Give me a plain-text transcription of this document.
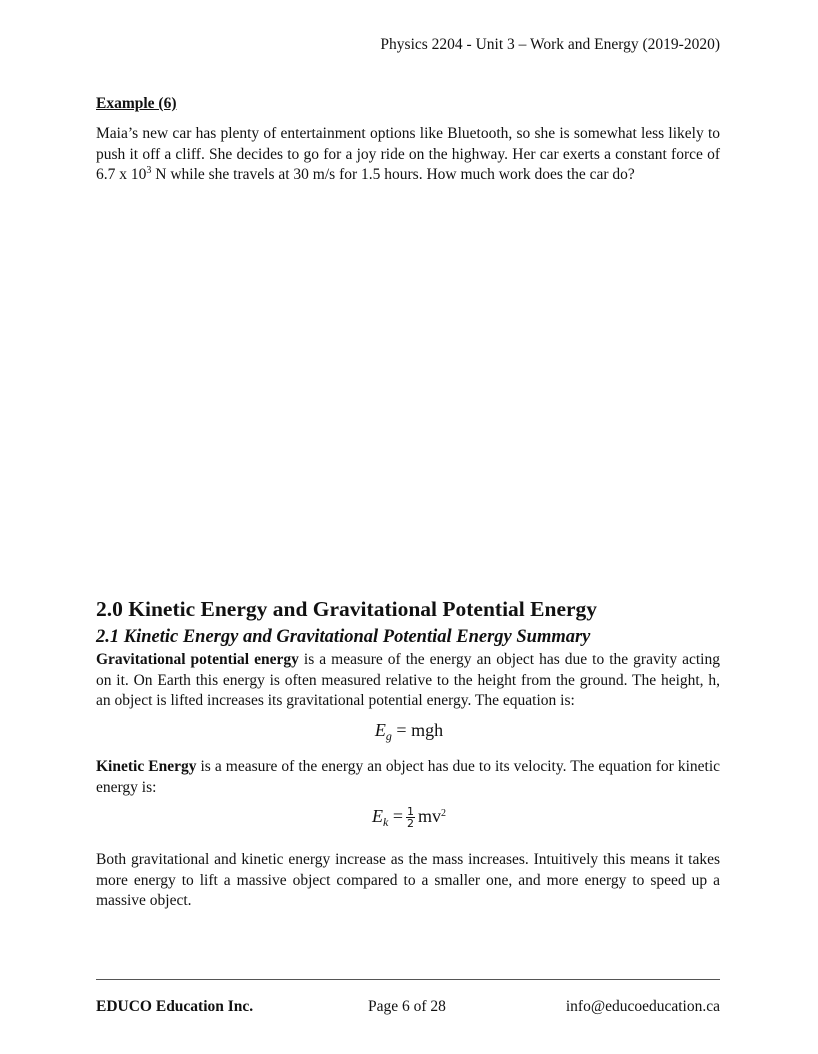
Physics 2204 - Unit 3 – Work and Energy (2019-2020)
Example (6)
Maia’s new car has plenty of entertainment options like Bluetooth, so she is somewhat less likely to push it off a cliff. She decides to go for a joy ride on the highway. Her car exerts a constant force of 6.7 x $10^3$ N while she travels at 30 m/s for 1.5 hours. How much work does the car do?
2.0 Kinetic Energy and Gravitational Potential Energy
2.1 Kinetic Energy and Gravitational Potential Energy Summary
Gravitational potential energy is a measure of the energy an object has due to the gravity acting on it. On Earth this energy is often measured relative to the height from the ground. The height, h, an object is lifted increases its gravitational potential energy. The equation is:
$E_g$ = mgh
Kinetic Energy is a measure of the energy an object has due to its velocity. The equation for kinetic energy is:
$E_k = \frac{1}{2} mv^2$
Both gravitational and kinetic energy increase as the mass increases. Intuitively this means it takes more energy to lift a massive object compared to a smaller one, and more energy to speed up a massive object.
EDUCO Education Inc.	Page 6 of 28	info@educoeducation.ca
